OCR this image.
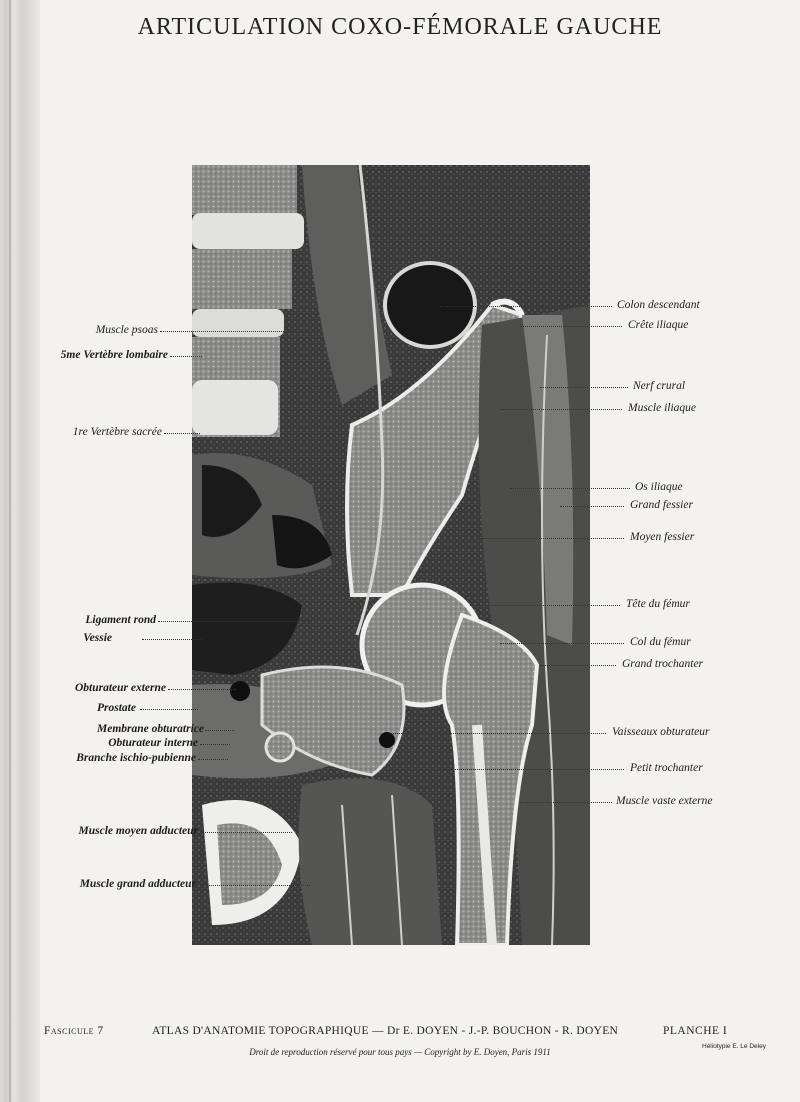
ARTICULATION COXO-FÉMORALE GAUCHE
Muscle psoas
5me Vertèbre lombaire
1re Vertèbre sacrée
Ligament rond
Vessie
Obturateur externe
Prostate
Membrane obturatrice
Obturateur interne
Branche ischio-pubienne
Muscle moyen adducteur
Muscle grand adducteur
Colon descendant
Crête iliaque
Nerf crural
Muscle iliaque
Os iliaque
Grand fessier
Moyen fessier
Tête du fémur
Col du fémur
Grand trochanter
Vaisseaux obturateur
Petit trochanter
Muscle vaste externe
Fascicule 7	ATLAS D'ANATOMIE TOPOGRAPHIQUE — Dr E. DOYEN - J.-P. BOUCHON - R. DOYEN	PLANCHE I
Droit de reproduction réservé pour tous pays — Copyright by E. Doyen, Paris 1911
Héliotypie E. Le Deley
